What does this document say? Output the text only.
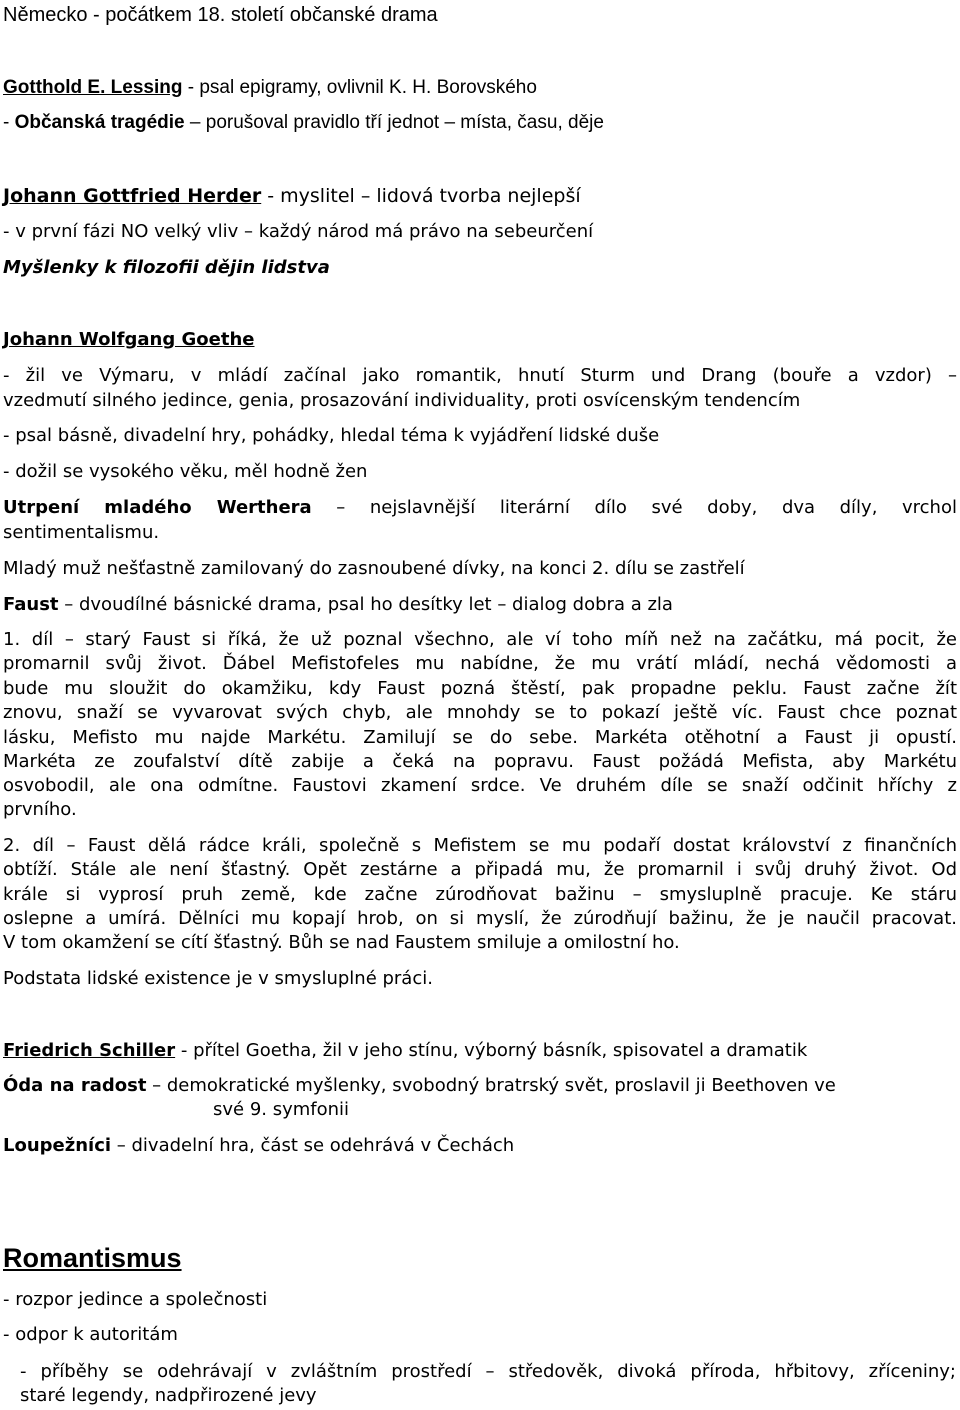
Německo - počátkem 18. století občanské drama
Gotthold E. Lessing - psal epigramy, ovlivnil K. H. Borovského
- Občanská tragédie – porušoval pravidlo tří jednot – místa, času, děje
Johann Gottfried Herder - myslitel – lidová tvorba nejlepší
- v první fázi NO velký vliv – každý národ má právo na sebeurčení
Myšlenky k filozofii dějin lidstva
Johann Wolfgang Goethe
- žil ve Výmaru, v mládí začínal jako romantik, hnutí Sturm und Drang (bouře a vzdor) –
vzedmutí silného jedince, genia, prosazování individuality, proti osvícenským tendencím
- psal básně, divadelní hry, pohádky, hledal téma k vyjádření lidské duše
- dožil se vysokého věku, měl hodně žen
Utrpení mladého Werthera – nejslavnější literární dílo své doby, dva díly, vrchol
sentimentalismu.
Mladý muž nešťastně zamilovaný do zasnoubené dívky, na konci 2. dílu se zastřelí
Faust – dvoudílné básnické drama, psal ho desítky let – dialog dobra a zla
1. díl – starý Faust si říká, že už poznal všechno, ale ví toho míň než na začátku, má pocit, že
promarnil svůj život. Ďábel Mefistofeles mu nabídne, že mu vrátí mládí, nechá vědomosti a
bude mu sloužit do okamžiku, kdy Faust pozná štěstí, pak propadne peklu. Faust začne žít
znovu, snaží se vyvarovat svých chyb, ale mnohdy se to pokazí ještě víc. Faust chce poznat
lásku, Mefisto mu najde Markétu. Zamilují se do sebe. Markéta otěhotní a Faust ji opustí.
Markéta ze zoufalství dítě zabije a čeká na popravu. Faust požádá Mefista, aby Markétu
osvobodil, ale ona odmítne. Faustovi zkamení srdce. Ve druhém díle se snaží odčinit hříchy z
prvního.
2. díl – Faust dělá rádce králi, společně s Mefistem se mu podaří dostat království z finančních
obtíží. Stále ale není šťastný. Opět zestárne a připadá mu, že promarnil i svůj druhý život. Od
krále si vyprosí pruh země, kde začne zúrodňovat bažinu – smysluplně pracuje. Ke stáru
oslepne a umírá. Dělníci mu kopají hrob, on si myslí, že zúrodňují bažinu, že je naučil pracovat.
V tom okamžení se cítí šťastný. Bůh se nad Faustem smiluje a omilostní ho.
Podstata lidské existence je v smysluplné práci.
Friedrich Schiller - přítel Goetha, žil v jeho stínu, výborný básník, spisovatel a dramatik
Óda na radost – demokratické myšlenky, svobodný bratrský svět, proslavil ji Beethoven ve
své 9. symfonii
Loupežníci – divadelní hra, část se odehrává v Čechách
Romantismus
- rozpor jedince a společnosti
- odpor k autoritám
- příběhy se odehrávají v zvláštním prostředí – středověk, divoká příroda, hřbitovy, zříceniny;
staré legendy, nadpřirozené jevy
